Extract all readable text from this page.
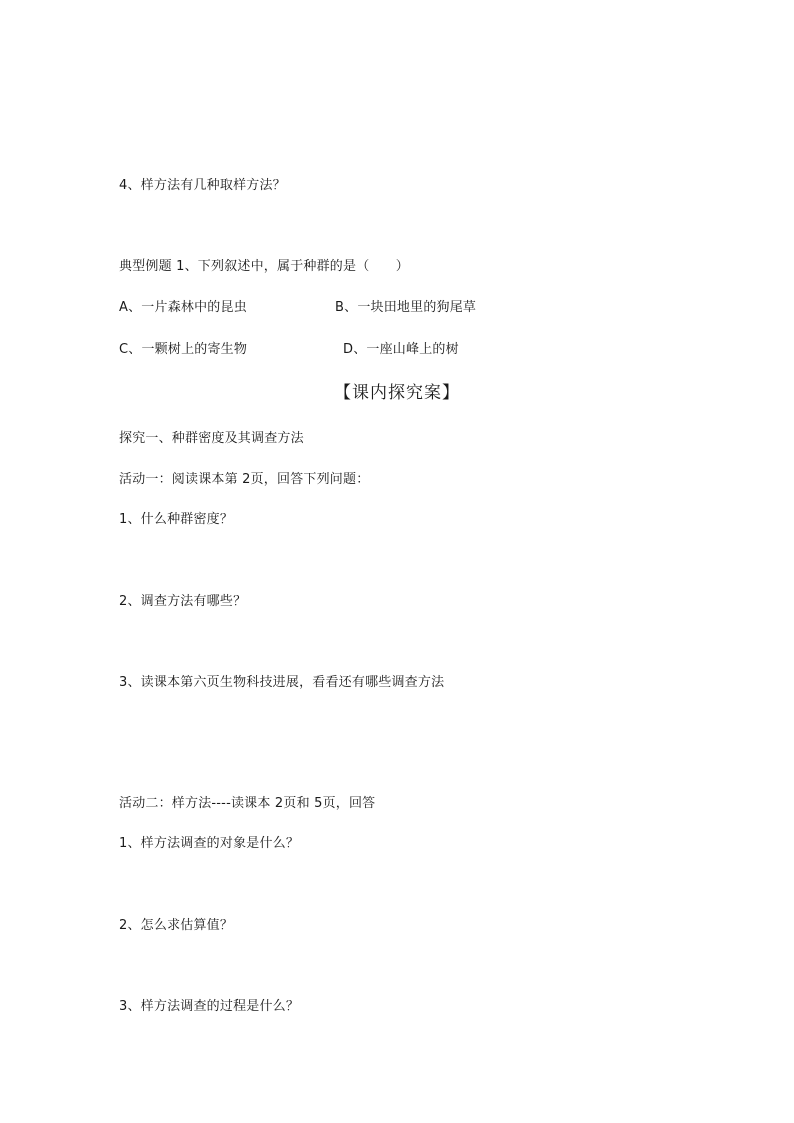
4、样方法有几种取样方法？
典型例题 1、下列叙述中，属于种群的是（　　）
A、一片森林中的昆虫	B、一块田地里的狗尾草
C、一颗树上的寄生物	D、一座山峰上的树
【课内探究案】
探究一、种群密度及其调查方法
活动一：阅读课本第 2页，回答下列问题：
1、什么种群密度？
2、调查方法有哪些？
3、读课本第六页生物科技进展，看看还有哪些调查方法
活动二：样方法----读课本 2页和 5页，回答
1、样方法调查的对象是什么？
2、怎么求估算值？
3、样方法调查的过程是什么？
